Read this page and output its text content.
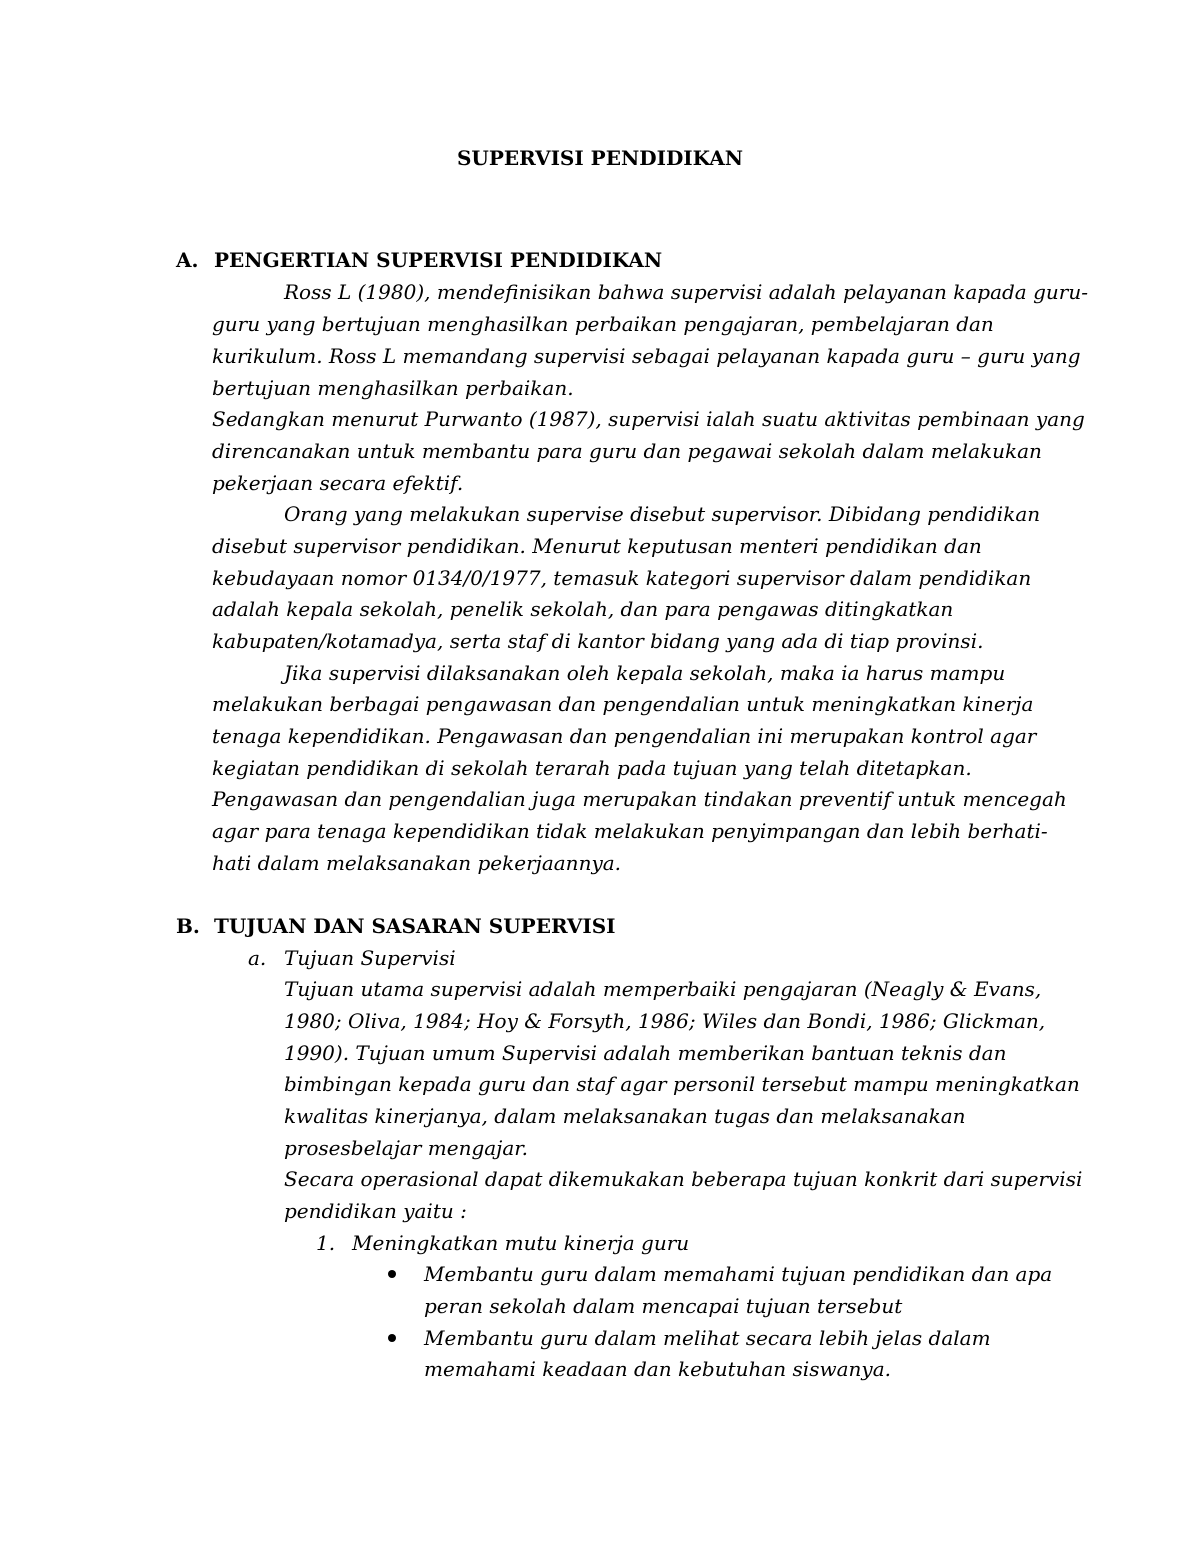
SUPERVISI PENDIDIKAN
A. PENGERTIAN SUPERVISI PENDIDIKAN
Ross L (1980), mendefinisikan bahwa supervisi adalah pelayanan kapada guru-
guru yang bertujuan menghasilkan perbaikan pengajaran, pembelajaran dan
kurikulum. Ross L memandang supervisi sebagai pelayanan kapada guru – guru yang
bertujuan menghasilkan perbaikan.
Sedangkan menurut Purwanto (1987), supervisi ialah suatu aktivitas pembinaan yang
direncanakan untuk membantu para guru dan pegawai sekolah dalam melakukan
pekerjaan secara efektif.
Orang yang melakukan supervise disebut supervisor. Dibidang pendidikan
disebut supervisor pendidikan. Menurut keputusan menteri pendidikan dan
kebudayaan nomor 0134/0/1977, temasuk kategori supervisor dalam pendidikan
adalah kepala sekolah, penelik sekolah, dan para pengawas ditingkatkan
kabupaten/kotamadya, serta staf di kantor bidang yang ada di tiap provinsi.
Jika supervisi dilaksanakan oleh kepala sekolah, maka ia harus mampu
melakukan berbagai pengawasan dan pengendalian untuk meningkatkan kinerja
tenaga kependidikan. Pengawasan dan pengendalian ini merupakan kontrol agar
kegiatan pendidikan di sekolah terarah pada tujuan yang telah ditetapkan.
Pengawasan dan pengendalian juga merupakan tindakan preventif untuk mencegah
agar para tenaga kependidikan tidak melakukan penyimpangan dan lebih berhati-
hati dalam melaksanakan pekerjaannya.
B. TUJUAN DAN SASARAN SUPERVISI
a. Tujuan Supervisi
Tujuan utama supervisi adalah memperbaiki pengajaran (Neagly & Evans,
1980; Oliva, 1984; Hoy & Forsyth, 1986; Wiles dan Bondi, 1986; Glickman,
1990). Tujuan umum Supervisi adalah memberikan bantuan teknis dan
bimbingan kepada guru dan staf agar personil tersebut mampu meningkatkan
kwalitas kinerjanya, dalam melaksanakan tugas dan melaksanakan
prosesbelajar mengajar.
Secara operasional dapat dikemukakan beberapa tujuan konkrit dari supervisi
pendidikan yaitu :
1. Meningkatkan mutu kinerja guru
Membantu guru dalam memahami tujuan pendidikan dan apa
peran sekolah dalam mencapai tujuan tersebut
Membantu guru dalam melihat secara lebih jelas dalam
memahami keadaan dan kebutuhan siswanya.
